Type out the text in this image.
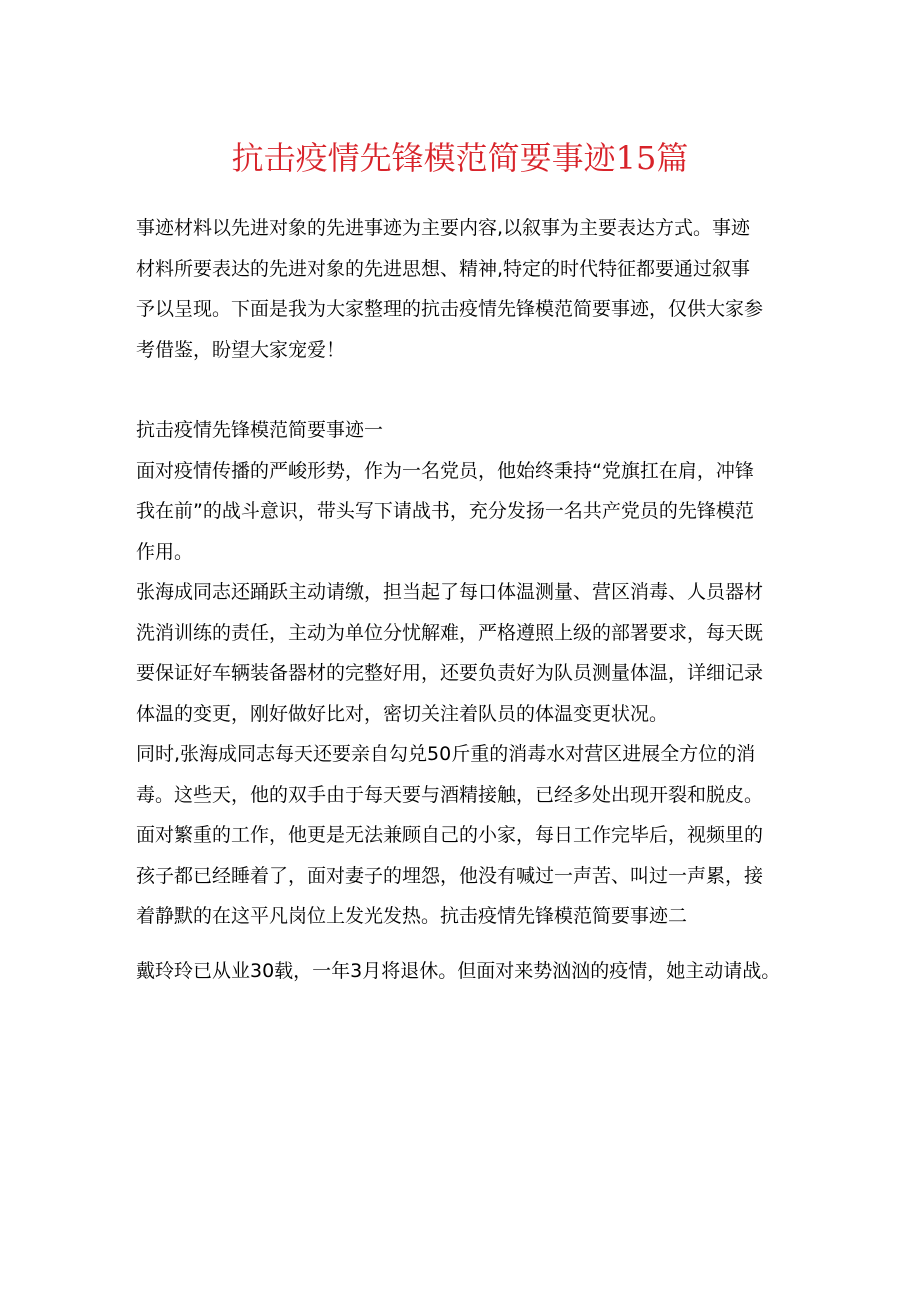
抗击疫情先锋模范简要事迹15篇

事迹材料以先进对象的先进事迹为主要内容,以叙事为主要表达方式。事迹

材料所要表达的先进对象的先进思想、精神,特定的时代特征都要通过叙事

予以呈现。下面是我为大家整理的抗击疫情先锋模范简要事迹，仅供大家参

考借鉴，盼望大家宠爱！

抗击疫情先锋模范简要事迹一

面对疫情传播的严峻形势，作为一名党员，他始终秉持“党旗扛在肩，冲锋

我在前”的战斗意识，带头写下请战书，充分发扬一名共产党员的先锋模范

作用。

张海成同志还踊跃主动请缴，担当起了每口体温测量、营区消毒、人员器材

洗消训练的责任，主动为单位分忧解难，严格遵照上级的部署要求，每天既

要保证好车辆装备器材的完整好用，还要负责好为队员测量体温，详细记录

体温的变更，刚好做好比对，密切关注着队员的体温变更状况。

同时,张海成同志每天还要亲自勾兑50斤重的消毒水对营区进展全方位的消

毒。这些天，他的双手由于每天要与酒精接触，已经多处出现开裂和脱皮。

面对繁重的工作，他更是无法兼顾自己的小家，每日工作完毕后，视频里的

孩子都已经睡着了，面对妻子的埋怨，他没有喊过一声苦、叫过一声累，接

着静默的在这平凡岗位上发光发热。抗击疫情先锋模范简要事迹二

戴玲玲已从业30载，一年3月将退休。但面对来势汹汹的疫情，她主动请战。
